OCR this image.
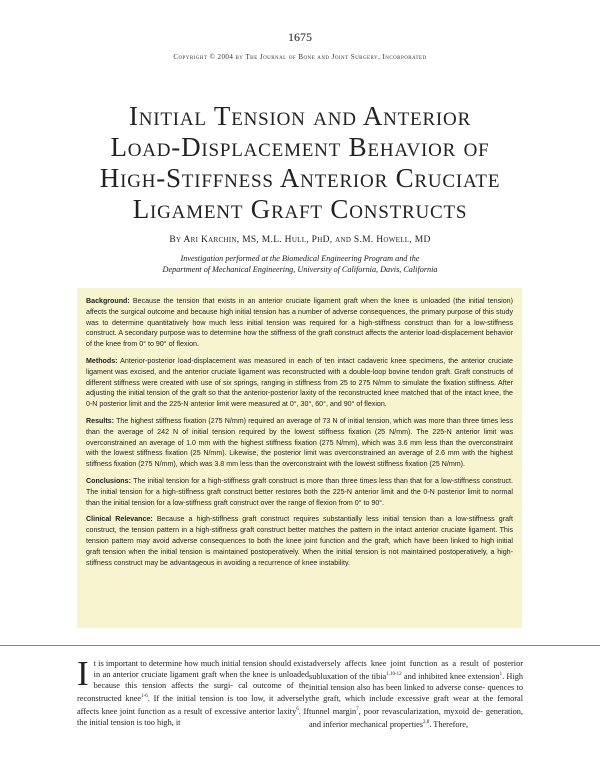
1675
Copyright © 2004 by The Journal of Bone and Joint Surgery, Incorporated
Initial Tension and Anterior
Load-Displacement Behavior of
High-Stiffness Anterior Cruciate
Ligament Graft Constructs
By Ari Karchin, MS, M.L. Hull, PhD, and S.M. Howell, MD
Investigation performed at the Biomedical Engineering Program and the
Department of Mechanical Engineering, University of California, Davis, California

Background: Because the tension that exists in an anterior cruciate ligament graft when the knee is unloaded (the initial tension) affects the surgical outcome and because high initial tension has a number of adverse consequences, the primary purpose of this study was to determine quantitatively how much less initial tension was required for a high-stiffness construct than for a low-stiffness construct. A secondary purpose was to determine how the stiffness of the graft construct affects the anterior load-displacement behavior of the knee from 0° to 90° of flexion.

Methods: Anterior-posterior load-displacement was measured in each of ten intact cadaveric knee specimens, the anterior cruciate ligament was excised, and the anterior cruciate ligament was reconstructed with a double-loop bovine tendon graft. Graft constructs of different stiffness were created with use of six springs, ranging in stiffness from 25 to 275 N/mm to simulate the fixation stiffness. After adjusting the initial tension of the graft so that the anterior-posterior laxity of the reconstructed knee matched that of the intact knee, the 0-N posterior limit and the 225-N anterior limit were measured at 0°, 30°, 60°, and 90° of flexion.

Results: The highest stiffness fixation (275 N/mm) required an average of 73 N of initial tension, which was more than three times less than the average of 242 N of initial tension required by the lowest stiffness fixation (25 N/mm). The 225-N anterior limit was overconstrained an average of 1.0 mm with the highest stiffness fixation (275 N/mm), which was 3.6 mm less than the overconstraint with the lowest stiffness fixation (25 N/mm). Likewise, the posterior limit was overconstrained an average of 2.6 mm with the highest stiffness fixation (275 N/mm), which was 3.8 mm less than the overconstraint with the lowest stiffness fixation (25 N/mm).

Conclusions: The initial tension for a high-stiffness graft construct is more than three times less than that for a low-stiffness construct. The initial tension for a high-stiffness graft construct better restores both the 225-N anterior limit and the 0-N posterior limit to normal than the initial tension for a low-stiffness graft construct over the range of flexion from 0° to 90°.

Clinical Relevance: Because a high-stiffness graft construct requires substantially less initial tension than a low-stiffness graft construct, the tension pattern in a high-stiffness graft construct better matches the pattern in the intact anterior cruciate ligament. This tension pattern may avoid adverse consequences to both the knee joint function and the graft, which have been linked to high initial graft tension when the initial tension is maintained postoperatively. When the initial tension is not maintained postoperatively, a high-stiffness construct may be advantageous in avoiding a recurrence of knee instability.

I t is important to determine how much initial tension should exist in an anterior cruciate ligament graft when the knee is unloaded because this tension affects the surgi- cal outcome of the reconstructed knee$^{1-6}$. If the initial tension is too low, it adversely affects knee joint function as a result of excessive anterior laxity$^6$. If the initial tension is too high, it

adversely affects knee joint function as a result of posterior subluxation of the tibia$^{1,10-12}$ and inhibited knee extension$^1$. High initial tension also has been linked to adverse conse- quences to the graft, which include excessive graft wear at the femoral tunnel margin$^7$, poor revascularization, myxoid de- generation, and inferior mechanical properties$^{2,8}$. Therefore,
